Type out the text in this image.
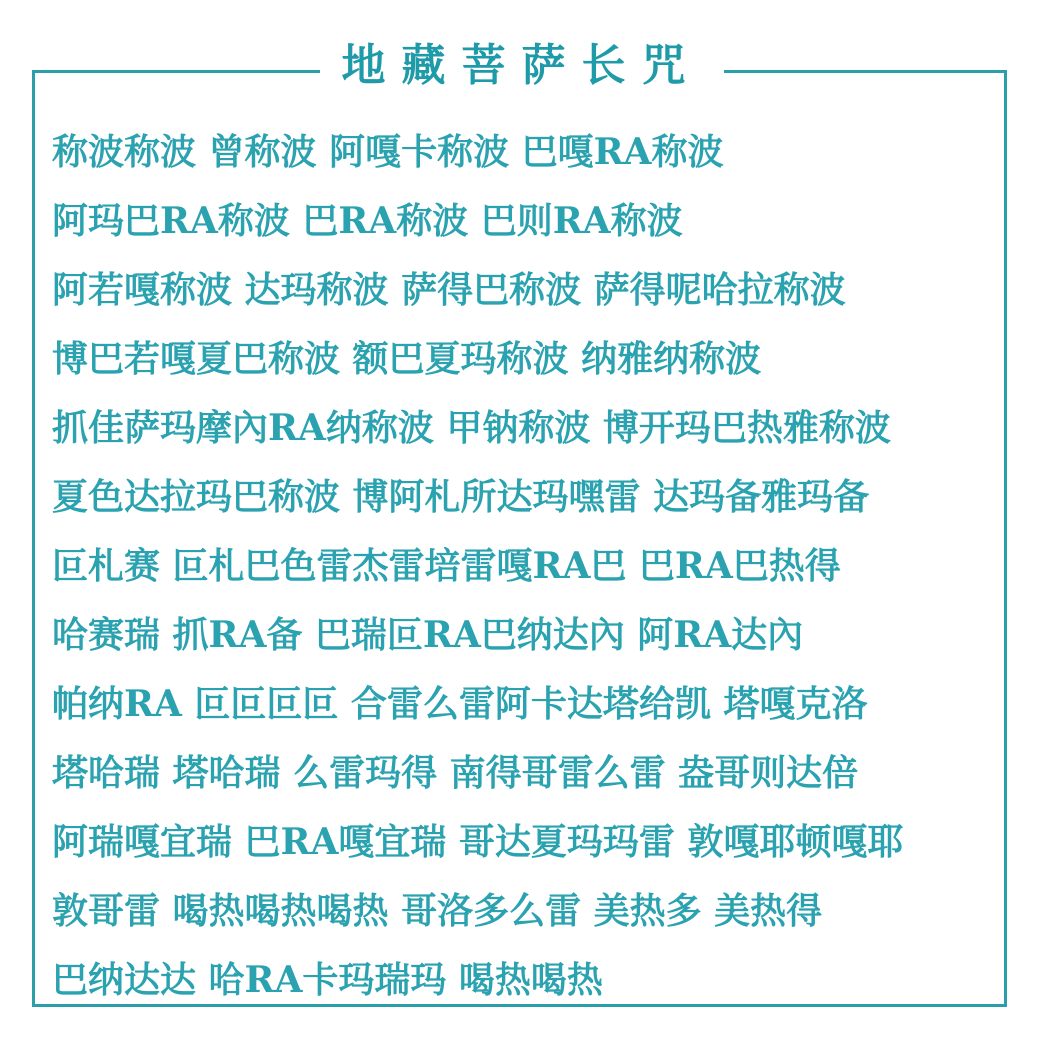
地藏菩萨长咒
称波称波 曾称波 阿嘎卡称波 巴嘎RA称波
阿玛巴RA称波 巴RA称波 巴则RA称波
阿若嘎称波 达玛称波 萨得巴称波 萨得呢哈拉称波
博巴若嘎夏巴称波 额巴夏玛称波 纳雅纳称波
抓佳萨玛摩內RA纳称波 甲钠称波 博开玛巴热雅称波
夏色达拉玛巴称波 博阿札所达玛嘿雷 达玛备雅玛备
叵札赛 叵札巴色雷杰雷培雷嘎RA巴 巴RA巴热得
哈赛瑞 抓RA备 巴瑞叵RA巴纳达內 阿RA达內
帕纳RA 叵叵叵叵 合雷么雷阿卡达塔给凯 塔嘎克洛
塔哈瑞 塔哈瑞 么雷玛得 南得哥雷么雷 盎哥则达倍
阿瑞嘎宜瑞 巴RA嘎宜瑞 哥达夏玛玛雷 敦嘎耶顿嘎耶
敦哥雷 喝热喝热喝热 哥洛多么雷 美热多 美热得
巴纳达达 哈RA卡玛瑞玛 喝热喝热
